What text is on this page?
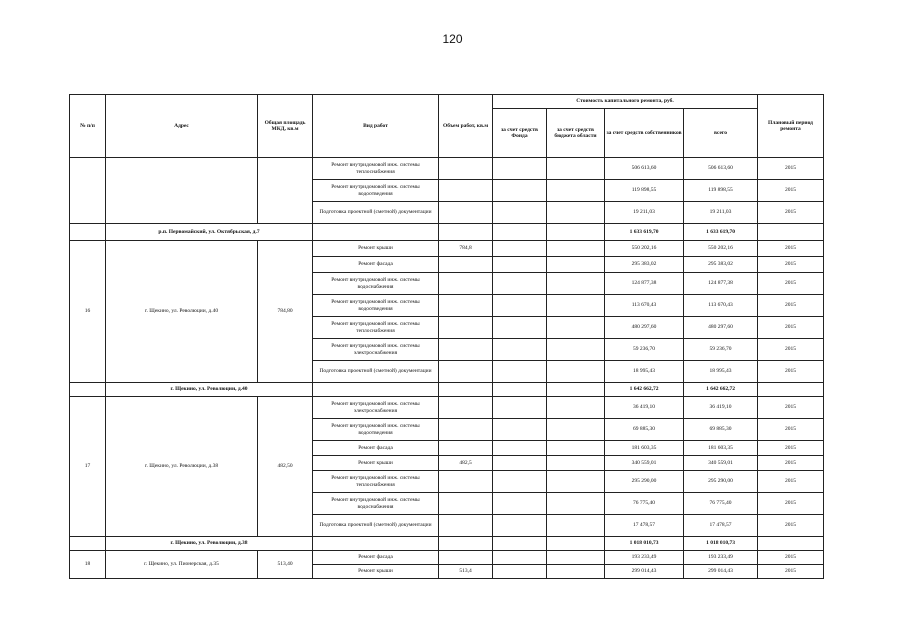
120
№ п/п	Адрес	Общая площадь МКД, кв.м	Вид работ	Объем работ, кв.м	Стоимость капитального ремонта, руб.				Плановый период ремонта
					за счет средств Фонда	за счет средств бюджета области	за счет средств собственников	всего	
			Ремонт внутридомовой инж. системы теплоснабжения				506 613,60	506 613,60	2015
			Ремонт внутридомовой инж. системы водоотведения				119 898,55	119 898,55	2015
			Подготовка проектной (сметной) документации				19 211,03	19 211,03	2015
	р.п. Первомайский, ул. Октябрьская, д.7						1 633 619,70	1 633 619,70	
16	г. Щекино, ул. Революции, д.40	784,80	Ремонт крыши	784,8			550 202,16	550 202,16	2015
			Ремонт фасада				295 383,02	295 383,02	2015
			Ремонт внутридомовой инж. системы водоснабжения				124 877,38	124 877,38	2015
			Ремонт внутридомовой инж. системы водоотведения				113 670,43	113 670,43	2015
			Ремонт внутридомовой инж. системы теплоснабжения				480 297,60	480 297,60	2015
			Ремонт внутридомовой инж. системы электроснабжения				59 236,70	59 236,70	2015
			Подготовка проектной (сметной) документации				18 995,43	18 995,43	2015
	г. Щекино, ул. Революции, д.40						1 642 662,72	1 642 662,72	
17	г. Щекино, ул. Революции, д.38	482,50	Ремонт внутридомовой инж. системы электроснабжения				36 419,10	36 419,10	2015
			Ремонт внутридомовой инж. системы водоотведения				69 885,30	69 885,30	2015
			Ремонт фасада				181 603,35	181 603,35	2015
			Ремонт крыши	482,5			340 559,01	340 559,01	2015
			Ремонт внутридомовой инж. системы теплоснабжения				295 290,00	295 290,00	2015
			Ремонт внутридомовой инж. системы водоснабжения				76 775,40	76 775,40	2015
			Подготовка проектной (сметной) документации				17 478,57	17 478,57	2015
	г. Щекино, ул. Революции, д.38						1 018 010,73	1 018 010,73	
18	г. Щекино, ул. Пионерская, д.35	513,40	Ремонт фасада				193 233,49	193 233,49	2015
			Ремонт крыши	513,4			299 014,43	299 014,43	2015
